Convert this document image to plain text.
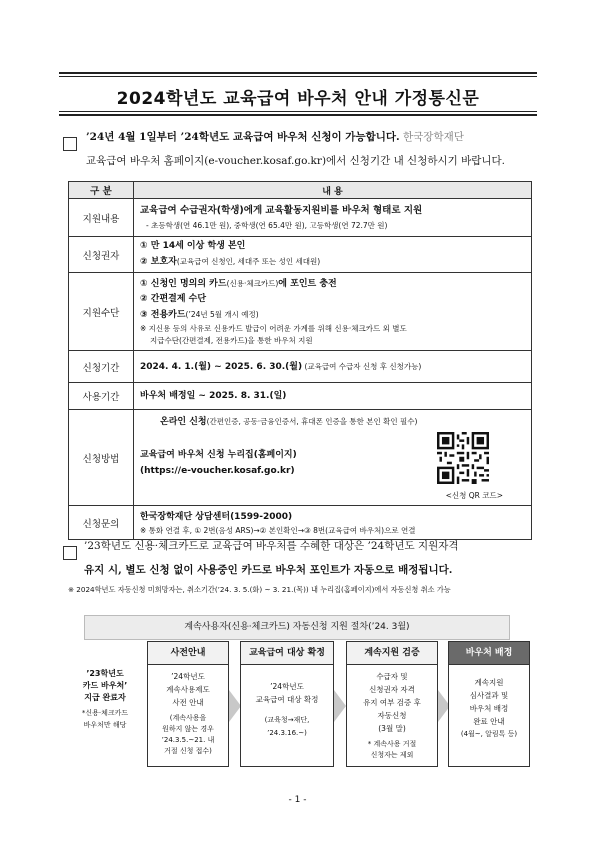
2024학년도 교육급여 바우처 안내 가정통신문
’24년 4월 1일부터 ’24학년도 교육급여 바우처 신청이 가능합니다. 한국장학재단
교육급여 바우처 홈페이지(e-voucher.kosaf.go.kr)에서 신청기간 내 신청하시기 바랍니다.
구 분	내 용
지원내용	교육급여 수급권자(학생)에게 교육활동지원비를 바우처 형태로 지원
- 초등학생(연 46.1만 원), 중학생(연 65.4만 원), 고등학생(연 72.7만 원)

신청권자	① 만 14세 이상 학생 본인
② 보호자(교육급여 신청인, 세대주 또는 성인 세대원)

지원수단	① 신청인 명의의 카드(신용·체크카드)에 포인트 충전
② 간편결제 수단
③ 전용카드(’24년 5월 개시 예정)
※ 지신용 등의 사유로 신용카드 발급이 어려운 가계를 위해 신용·체크카드 외 별도
지급수단(간편결제, 전용카드)을 통한 바우처 지원

신청기간	2024. 4. 1.(월) ~ 2025. 6. 30.(월) (교육급여 수급자 신청 후 신청가능)
사용기간	바우처 배정일 ~ 2025. 8. 31.(일)
신청방법	온라인 신청(간편인증, 공동·금융인증서, 휴대폰 인증을 통한 본인 확인 필수)
교육급여 바우처 신청 누리집(홈페이지)
(https://e-voucher.kosaf.go.kr)
<신청 QR 코드>

신청문의	한국장학재단 상담센터(1599-2000)
※ 통화 연결 후, ① 2번(음성 ARS)→② 본인확인→③ 8번(교육급여 바우처)으로 연결
’23학년도 신용·체크카드로 교육급여 바우처를 수혜한 대상은 ’24학년도 지원자격
유지 시, 별도 신청 없이 사용중인 카드로 바우처 포인트가 자동으로 배정됩니다.
※ 2024학년도 자동신청 미희망자는, 취소기간(’24. 3. 5.(화) ~ 3. 21.(목)) 내 누리집(홈페이지)에서 자동신청 취소 가능
계속사용자(신용·체크카드) 자동신청 지원 절차(’24. 3월)
’23학년도
카드 바우처’
지급 완료자
*신용·체크카드
바우처만 해당
사전안내
’24학년도
계속사용제도
사전 안내
(계속사용을
원하지 않는 경우
’24.3.5.~21. 내
거절 신청 접수)
교육급여 대상 확정
’24학년도
교육급여 대상 확정
(교육청→재단,
’24.3.16.~)
계속지원 검증
수급자 및
신청권자 자격
유지 여부 검증 후
자동신청
(3월 말)
* 계속사용 거절
신청자는 제외
바우처 배정
계속지원
심사결과 및
바우처 배정
완료 안내
(4월~, 알림톡 등)
- 1 -
